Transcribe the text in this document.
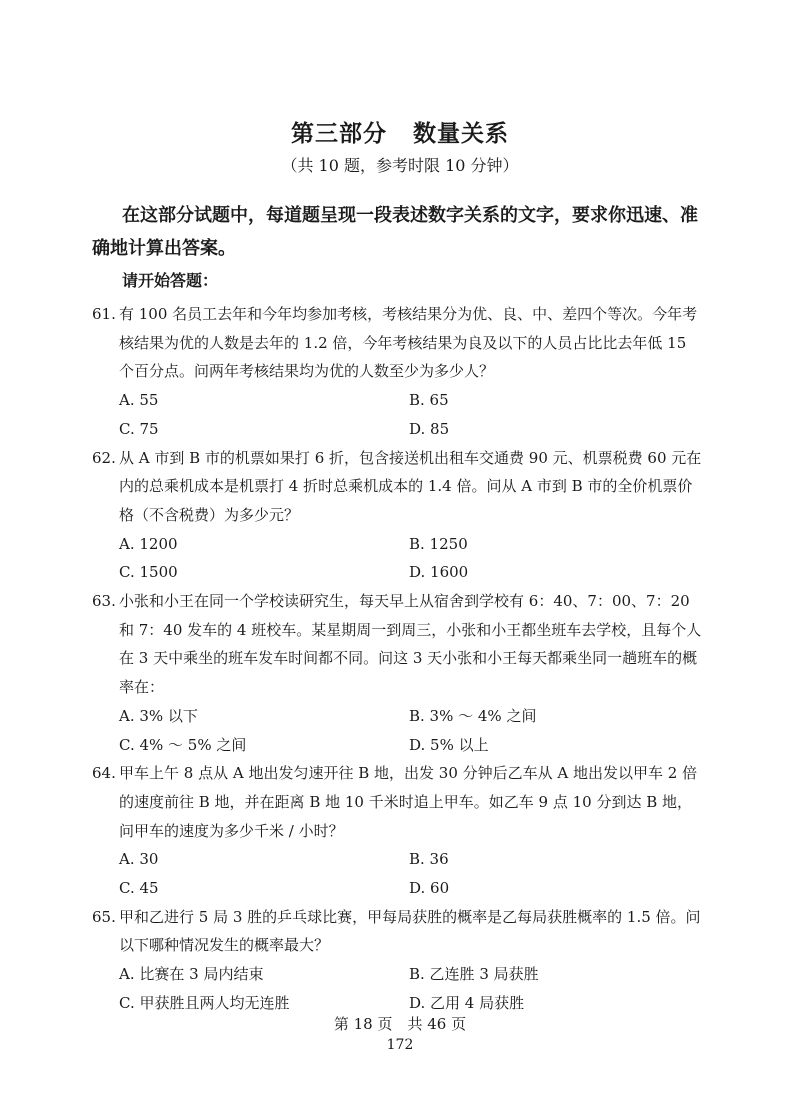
第三部分 数量关系
（共 10 题，参考时限 10 分钟）
在这部分试题中，每道题呈现一段表述数字关系的文字，要求你迅速、准确地计算出答案。
请开始答题：
61. 有 100 名员工去年和今年均参加考核，考核结果分为优、良、中、差四个等次。今年考核结果为优的人数是去年的 1.2 倍，今年考核结果为良及以下的人员占比比去年低 15 个百分点。问两年考核结果均为优的人数至少为多少人？
A. 55	B. 65
C. 75	D. 85
62. 从 A 市到 B 市的机票如果打 6 折，包含接送机出租车交通费 90 元、机票税费 60 元在内的总乘机成本是机票打 4 折时总乘机成本的 1.4 倍。问从 A 市到 B 市的全价机票价格（不含税费）为多少元？
A. 1200	B. 1250
C. 1500	D. 1600
63. 小张和小王在同一个学校读研究生，每天早上从宿舍到学校有 6：40、7：00、7：20 和 7：40 发车的 4 班校车。某星期周一到周三，小张和小王都坐班车去学校，且每个人在 3 天中乘坐的班车发车时间都不同。问这 3 天小张和小王每天都乘坐同一趟班车的概率在：
A. 3% 以下	B. 3% ～ 4% 之间
C. 4% ～ 5% 之间	D. 5% 以上
64. 甲车上午 8 点从 A 地出发匀速开往 B 地，出发 30 分钟后乙车从 A 地出发以甲车 2 倍的速度前往 B 地，并在距离 B 地 10 千米时追上甲车。如乙车 9 点 10 分到达 B 地，问甲车的速度为多少千米 / 小时？
A. 30	B. 36
C. 45	D. 60
65. 甲和乙进行 5 局 3 胜的乒乓球比赛，甲每局获胜的概率是乙每局获胜概率的 1.5 倍。问以下哪种情况发生的概率最大？
A. 比赛在 3 局内结束	B. 乙连胜 3 局获胜
C. 甲获胜且两人均无连胜	D. 乙用 4 局获胜
第 18 页　共 46 页
172
